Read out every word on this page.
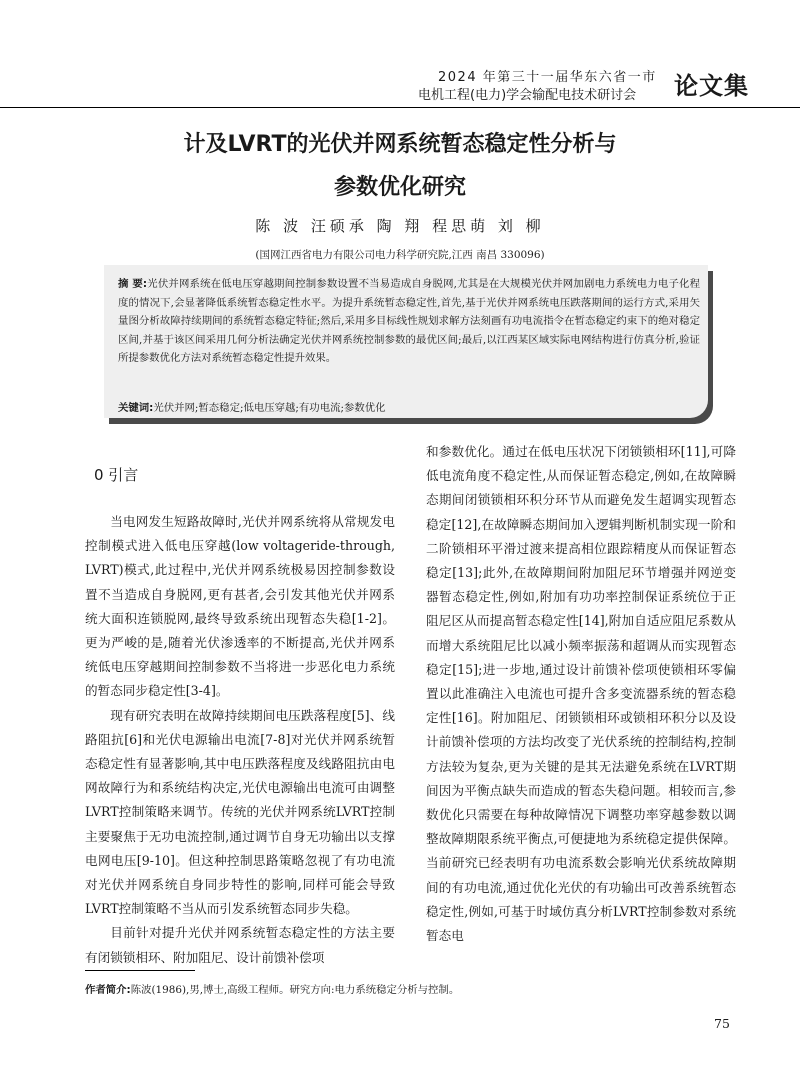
2024 年第三十一届华东六省一市
电机工程(电力)学会输配电技术研讨会 论文集
计及LVRT的光伏并网系统暂态稳定性分析与
参数优化研究
陈 波 汪硕承 陶 翔 程思萌 刘 柳
(国网江西省电力有限公司电力科学研究院,江西 南昌 330096)
摘 要:光伏并网系统在低电压穿越期间控制参数设置不当易造成自身脱网,尤其是在大规模光伏并网加剧电力系统电力电子化程度的情况下,会显著降低系统暂态稳定性水平。为提升系统暂态稳定性,首先,基于光伏并网系统电压跌落期间的运行方式,采用矢量图分析故障持续期间的系统暂态稳定特征;然后,采用多目标线性规划求解方法刻画有功电流指令在暂态稳定约束下的绝对稳定区间,并基于该区间采用几何分析法确定光伏并网系统控制参数的最优区间;最后,以江西某区域实际电网结构进行仿真分析,验证所提参数优化方法对系统暂态稳定性提升效果。
关键词:光伏并网;暂态稳定;低电压穿越;有功电流;参数优化
0 引言

当电网发生短路故障时,光伏并网系统将从常规发电控制模式进入低电压穿越(low voltageride-through, LVRT)模式,此过程中,光伏并网系统极易因控制参数设置不当造成自身脱网,更有甚者,会引发其他光伏并网系统大面积连锁脱网,最终导致系统出现暂态失稳[1-2]。更为严峻的是,随着光伏渗透率的不断提高,光伏并网系统低电压穿越期间控制参数不当将进一步恶化电力系统的暂态同步稳定性[3-4]。

现有研究表明在故障持续期间电压跌落程度[5]、线路阻抗[6]和光伏电源输出电流[7-8]对光伏并网系统暂态稳定性有显著影响,其中电压跌落程度及线路阻抗由电网故障行为和系统结构决定,光伏电源输出电流可由调整LVRT控制策略来调节。传统的光伏并网系统LVRT控制主要聚焦于无功电流控制,通过调节自身无功输出以支撑电网电压[9-10]。但这种控制思路策略忽视了有功电流对光伏并网系统自身同步特性的影响,同样可能会导致LVRT控制策略不当从而引发系统暂态同步失稳。

目前针对提升光伏并网系统暂态稳定性的方法主要有闭锁锁相环、附加阻尼、设计前馈补偿项

和参数优化。通过在低电压状况下闭锁锁相环[11],可降低电流角度不稳定性,从而保证暂态稳定,例如,在故障瞬态期间闭锁锁相环积分环节从而避免发生超调实现暂态稳定[12],在故障瞬态期间加入逻辑判断机制实现一阶和二阶锁相环平滑过渡来提高相位跟踪精度从而保证暂态稳定[13];此外,在故障期间附加阻尼环节增强并网逆变器暂态稳定性,例如,附加有功功率控制保证系统位于正阻尼区从而提高暂态稳定性[14],附加自适应阻尼系数从而增大系统阻尼比以减小频率振荡和超调从而实现暂态稳定[15];进一步地,通过设计前馈补偿项使锁相环零偏置以此准确注入电流也可提升含多变流器系统的暂态稳定性[16]。附加阻尼、闭锁锁相环或锁相环积分以及设计前馈补偿项的方法均改变了光伏系统的控制结构,控制方法较为复杂,更为关键的是其无法避免系统在LVRT期间因为平衡点缺失而造成的暂态失稳问题。相较而言,参数优化只需要在每种故障情况下调整功率穿越参数以调整故障期限系统平衡点,可便捷地为系统稳定提供保障。当前研究已经表明有功电流系数会影响光伏系统故障期间的有功电流,通过优化光伏的有功输出可改善系统暂态稳定性,例如,可基于时域仿真分析LVRT控制参数对系统暂态电

作者简介:陈波(1986),男,博士,高级工程师。研究方向:电力系统稳定分析与控制。
75
